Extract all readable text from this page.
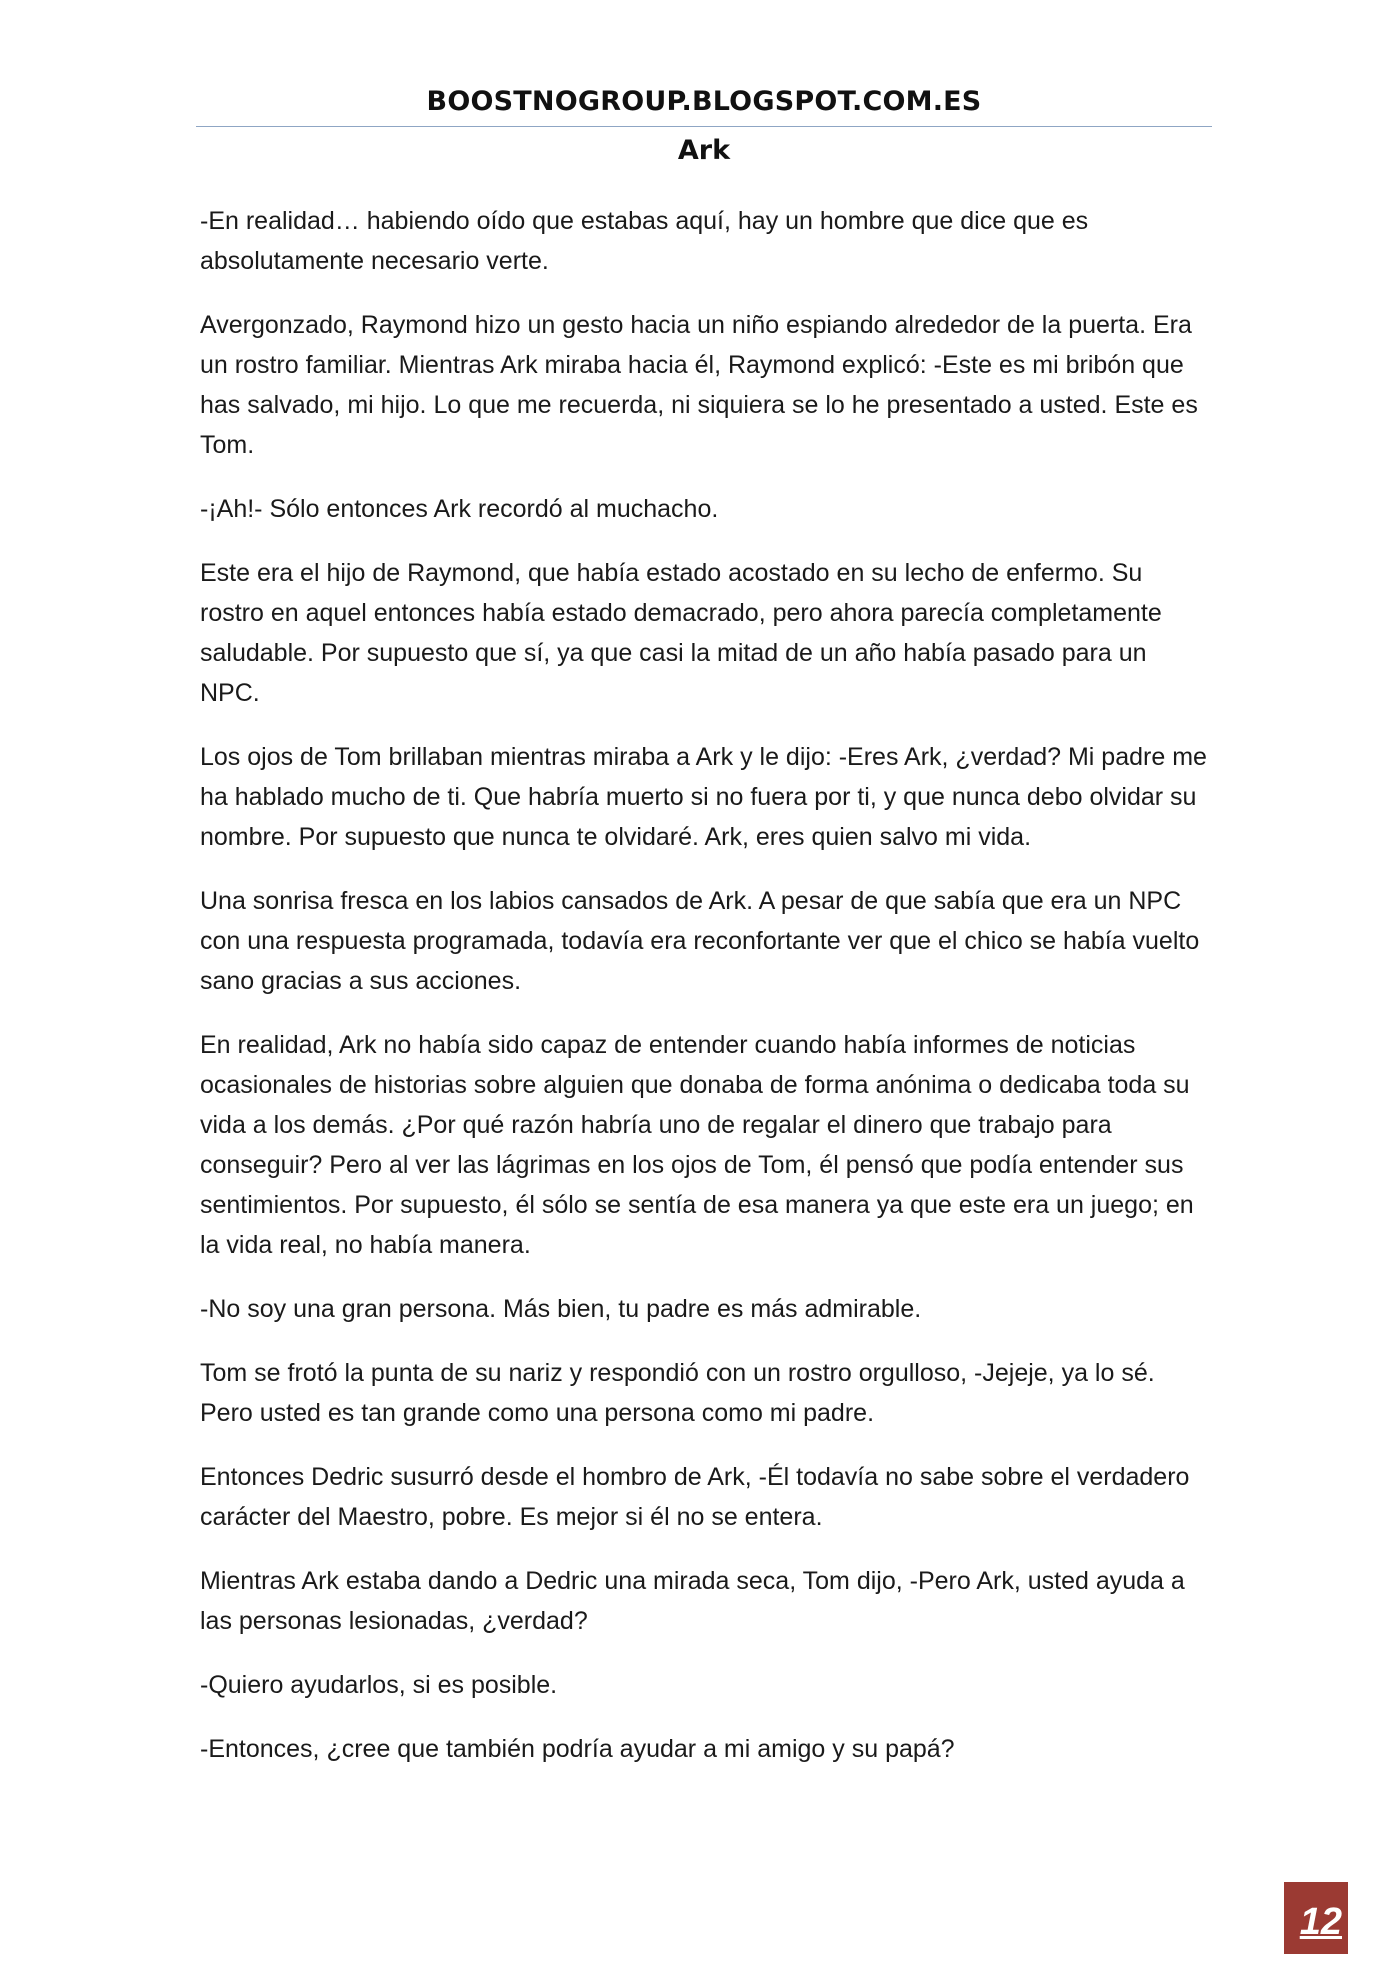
BOOSTNOGROUP.BLOGSPOT.COM.ES
Ark

-En realidad… habiendo oído que estabas aquí, hay un hombre que dice que es absolutamente necesario verte.

Avergonzado, Raymond hizo un gesto hacia un niño espiando alrededor de la puerta. Era un rostro familiar. Mientras Ark miraba hacia él, Raymond explicó: -Este es mi bribón que has salvado, mi hijo. Lo que me recuerda, ni siquiera se lo he presentado a usted. Este es Tom.

-¡Ah!- Sólo entonces Ark recordó al muchacho.

Este era el hijo de Raymond, que había estado acostado en su lecho de enfermo. Su rostro en aquel entonces había estado demacrado, pero ahora parecía completamente saludable. Por supuesto que sí, ya que casi la mitad de un año había pasado para un NPC.

Los ojos de Tom brillaban mientras miraba a Ark y le dijo: -Eres Ark, ¿verdad? Mi padre me ha hablado mucho de ti. Que habría muerto si no fuera por ti, y que nunca debo olvidar su nombre. Por supuesto que nunca te olvidaré. Ark, eres quien salvo mi vida.

Una sonrisa fresca en los labios cansados de Ark. A pesar de que sabía que era un NPC con una respuesta programada, todavía era reconfortante ver que el chico se había vuelto sano gracias a sus acciones.

En realidad, Ark no había sido capaz de entender cuando había informes de noticias ocasionales de historias sobre alguien que donaba de forma anónima o dedicaba toda su vida a los demás. ¿Por qué razón habría uno de regalar el dinero que trabajo para conseguir? Pero al ver las lágrimas en los ojos de Tom, él pensó que podía entender sus sentimientos. Por supuesto, él sólo se sentía de esa manera ya que este era un juego; en la vida real, no había manera.

-No soy una gran persona. Más bien, tu padre es más admirable.

Tom se frotó la punta de su nariz y respondió con un rostro orgulloso, -Jejeje, ya lo sé. Pero usted es tan grande como una persona como mi padre.

Entonces Dedric susurró desde el hombro de Ark, -Él todavía no sabe sobre el verdadero carácter del Maestro, pobre. Es mejor si él no se entera.

Mientras Ark estaba dando a Dedric una mirada seca, Tom dijo, -Pero Ark, usted ayuda a las personas lesionadas, ¿verdad?

-Quiero ayudarlos, si es posible.

-Entonces, ¿cree que también podría ayudar a mi amigo y su papá?

12
